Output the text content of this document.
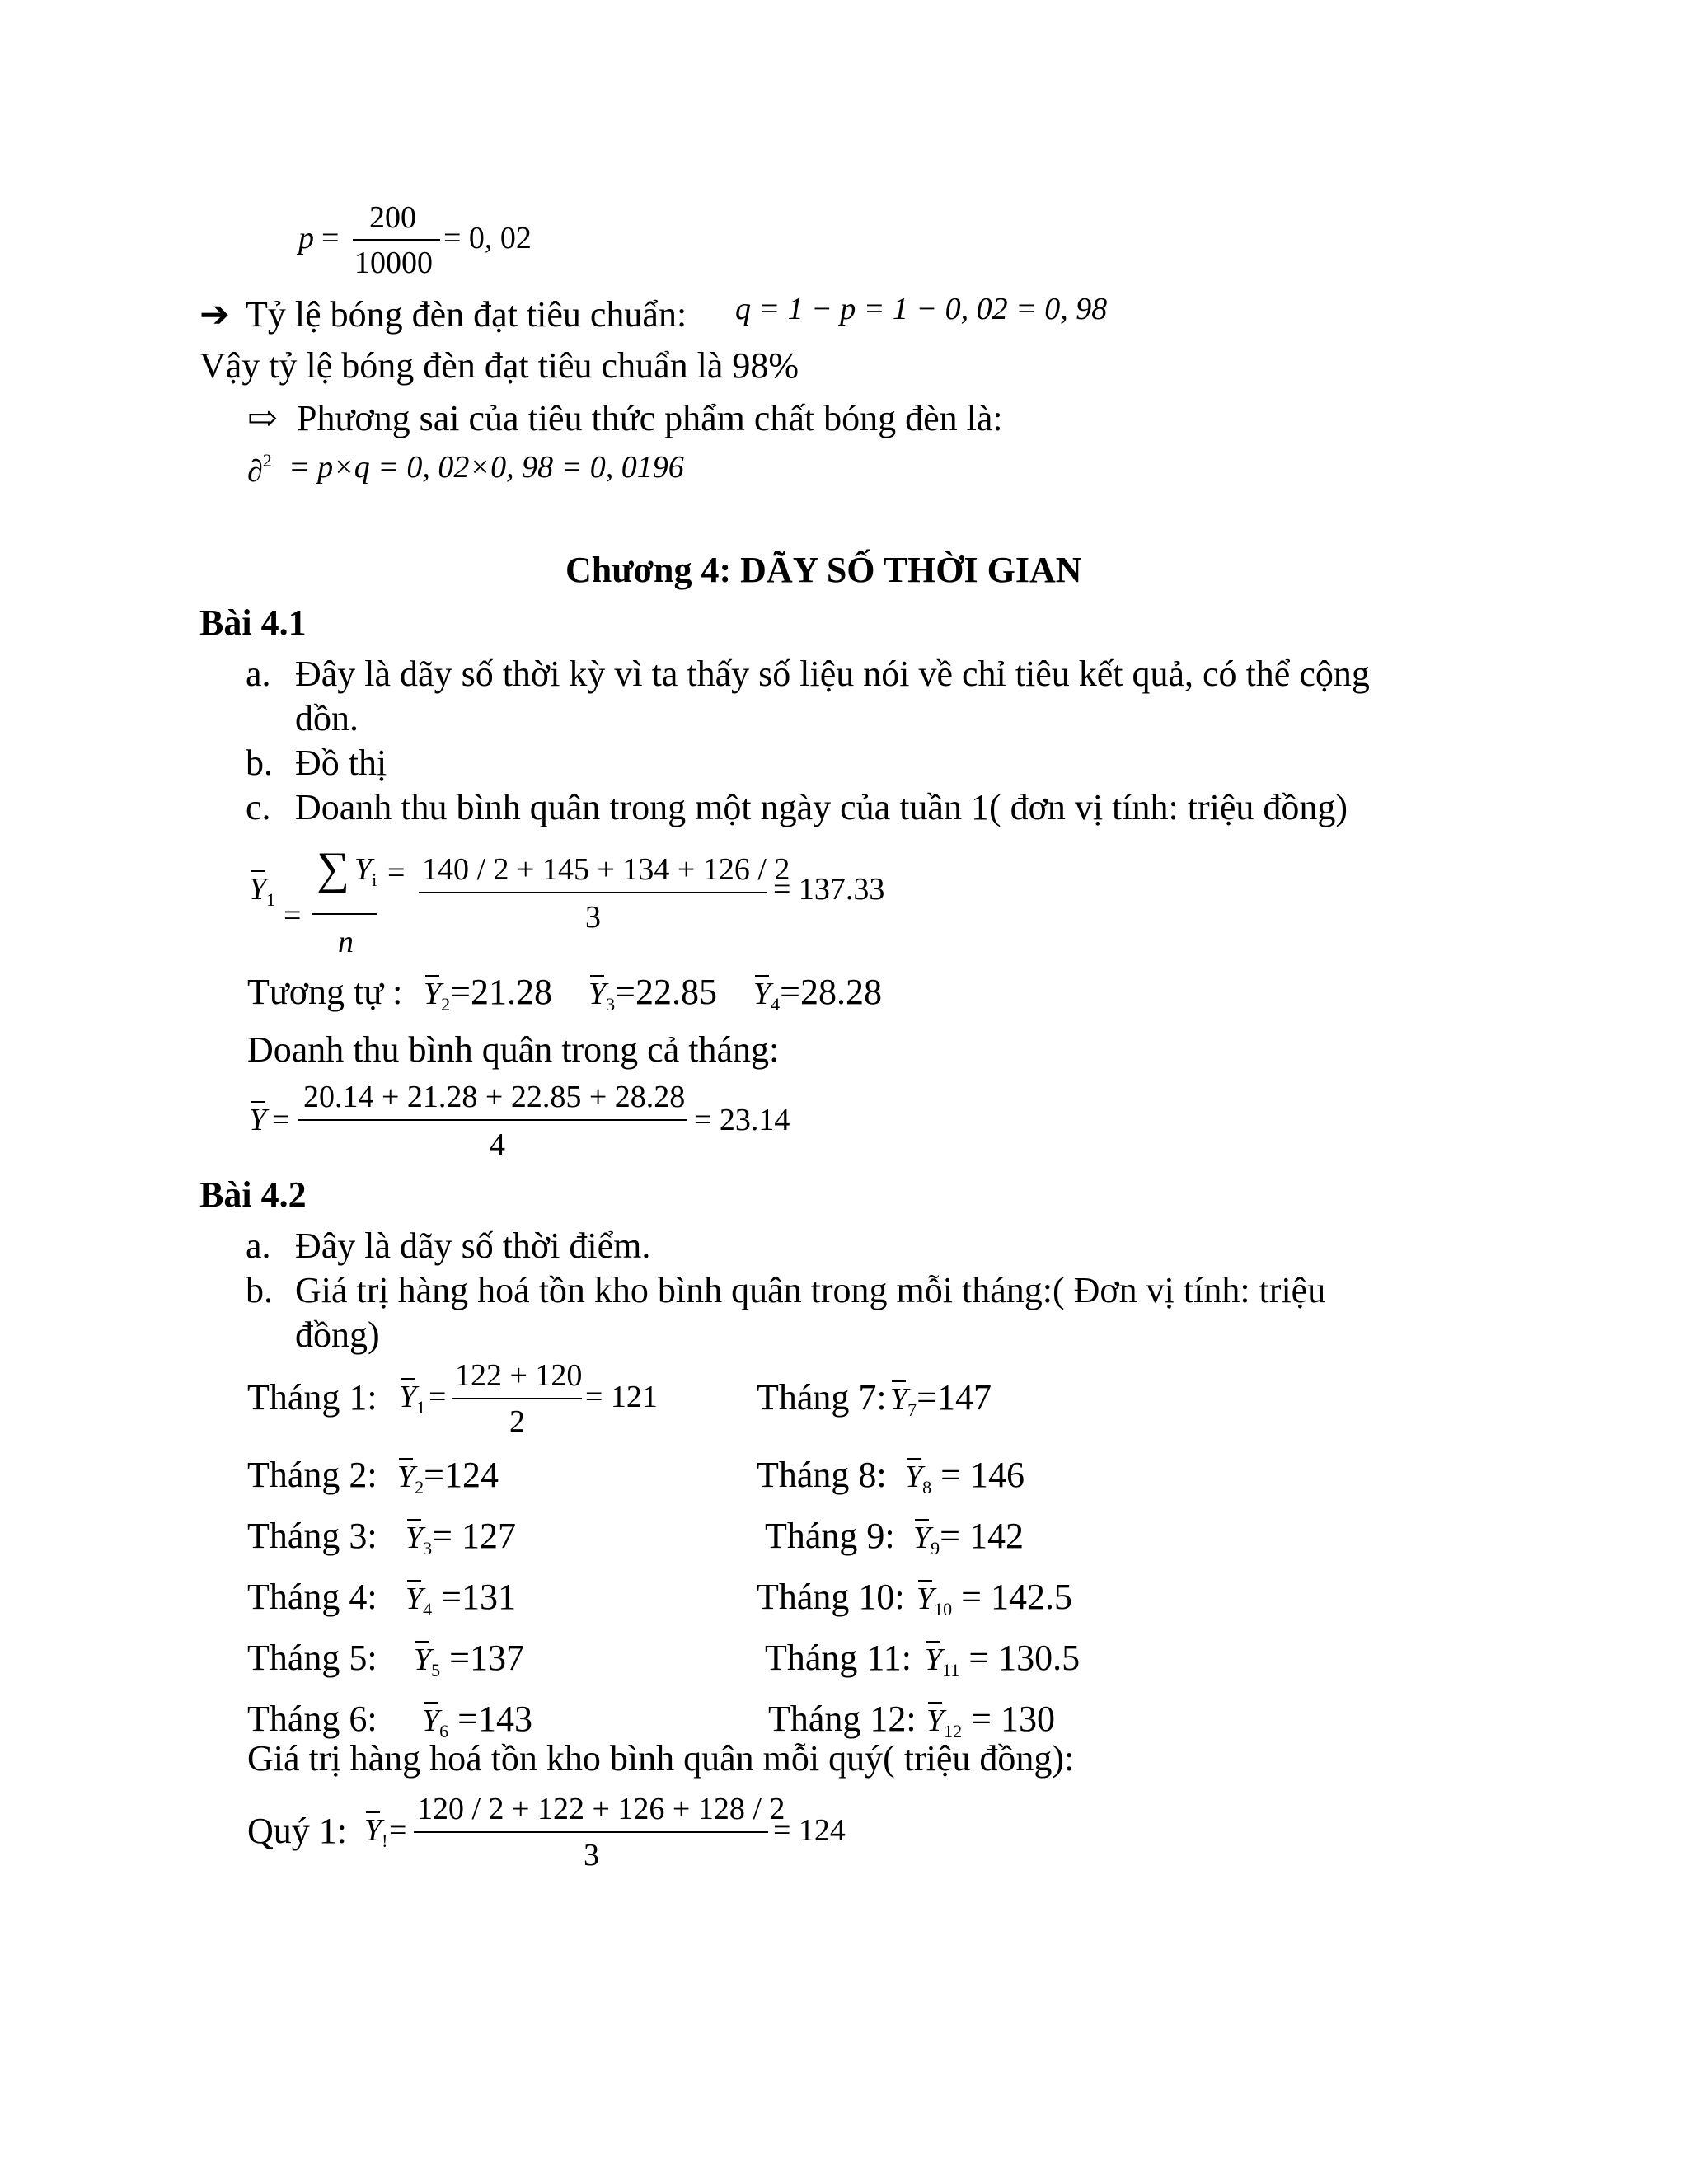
p =
200
10000
= 0, 02
➔ Tỷ lệ bóng đèn đạt tiêu chuẩn: q = 1 − p = 1 − 0, 02 = 0, 98
Vậy tỷ lệ bóng đèn đạt tiêu chuẩn là 98%
⇨ Phương sai của tiêu thức phẩm chất bóng đèn là:
∂$^2$ = p×q = 0, 02×0, 98 = 0, 0196
Chương 4: DÃY SỐ THỜI GIAN
Bài 4.1
a. Đây là dãy số thời kỳ vì ta thấy số liệu nói về chỉ tiêu kết quả, có thể cộng
dồn.
b. Đồ thị
c. Doanh thu bình quân trong một ngày của tuần 1( đơn vị tính: triệu đồng)
$Y_1$ =
∑ $Y_i$ =
n
140 / 2 + 145 + 134 + 126 / 2
3
= 137.33
Tương tự : $Y_2=21.28$ $Y_3=22.85$ $Y_4=28.28$
Doanh thu bình quân trong cả tháng:
Y =
20.14 + 21.28 + 22.85 + 28.28
4
= 23.14
Bài 4.2
a. Đây là dãy số thời điểm.
b. Giá trị hàng hoá tồn kho bình quân trong mỗi tháng:( Đơn vị tính: triệu
đồng)
Tháng 1: $Y_1$ =
122 + 120
2
= 121
Tháng 2: $Y_2=124$
Tháng 3: $Y_3= 127$
Tháng 4: $Y_4 =131$
Tháng 5: $Y_5 =137$
Tháng 6: $Y_6 =143$
Tháng 7: $Y_7=147$
Tháng 8: $Y_8 = 146$
Tháng 9: $Y_9= 142$
Tháng 10: $Y_{10} = 142.5$
Tháng 11: $Y_{11} = 130.5$
Tháng 12: $Y_{12} = 130$
Giá trị hàng hoá tồn kho bình quân mỗi quý( triệu đồng):
Quý 1: $Y_!$ =
120 / 2 + 122 + 126 + 128 / 2
3
= 124
